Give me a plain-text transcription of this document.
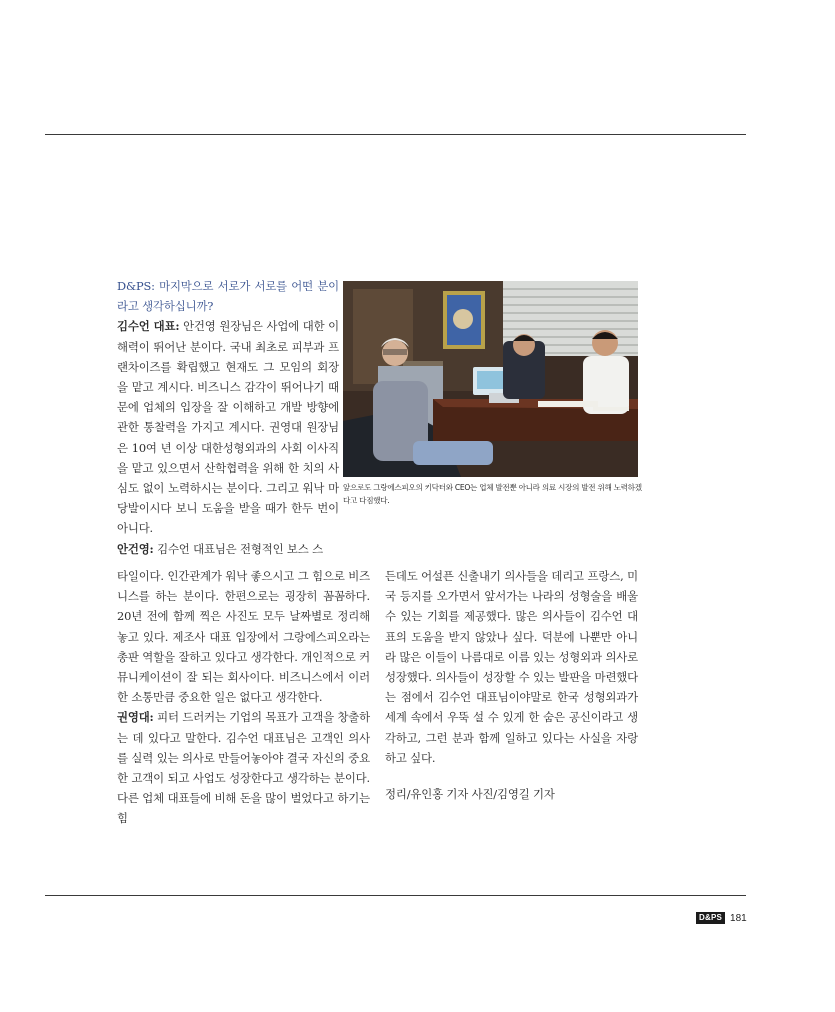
D&PS: 마지막으로 서로가 서로를 어떤 분이라고 생각하십니까?

김수언 대표: 안건영 원장님은 사업에 대한 이해력이 뛰어난 분이다. 국내 최초로 피부과 프랜차이즈를 확립했고 현재도 그 모임의 회장을 맡고 계시다. 비즈니스 감각이 뛰어나기 때문에 업체의 입장을 잘 이해하고 개발 방향에 관한 통찰력을 가지고 계시다. 권영대 원장님은 10여 년 이상 대한성형외과의 사회 이사직을 맡고 있으면서 산학협력을 위해 한 치의 사심도 없이 노력하시는 분이다. 그리고 워낙 마당발이시다 보니 도움을 받을 때가 한두 번이 아니다.

안건영: 김수언 대표님은 전형적인 보스 스

앞으로도 그랑에스피오의 키닥터와 CEO는 업체 발전뿐 아니라 의료 시장의 발전 위해 노력하겠다고 다짐했다.

타일이다. 인간관계가 워낙 좋으시고 그 힘으로 비즈니스를 하는 분이다. 한편으로는 굉장히 꼼꼼하다. 20년 전에 함께 찍은 사진도 모두 날짜별로 정리해 놓고 있다. 제조사 대표 입장에서 그랑에스피오라는 총판 역할을 잘하고 있다고 생각한다. 개인적으로 커뮤니케이션이 잘 되는 회사이다. 비즈니스에서 이러한 소통만큼 중요한 일은 없다고 생각한다.

권영대: 피터 드러커는 기업의 목표가 고객을 창출하는 데 있다고 말한다. 김수언 대표님은 고객인 의사를 실력 있는 의사로 만들어놓아야 결국 자신의 중요한 고객이 되고 사업도 성장한다고 생각하는 분이다. 다른 업체 대표들에 비해 돈을 많이 벌었다고 하기는 힘

든데도 어설픈 신출내기 의사들을 데리고 프랑스, 미국 등지를 오가면서 앞서가는 나라의 성형술을 배울 수 있는 기회를 제공했다. 많은 의사들이 김수언 대표의 도움을 받지 않았나 싶다. 덕분에 나뿐만 아니라 많은 이들이 나름대로 이름 있는 성형외과 의사로 성장했다. 의사들이 성장할 수 있는 발판을 마련했다는 점에서 김수언 대표님이야말로 한국 성형외과가 세계 속에서 우뚝 설 수 있게 한 숨은 공신이라고 생각하고, 그런 분과 함께 일하고 있다는 사실을 자랑하고 싶다.

정리/유인홍 기자 사진/김영길 기자

D&PS 181
